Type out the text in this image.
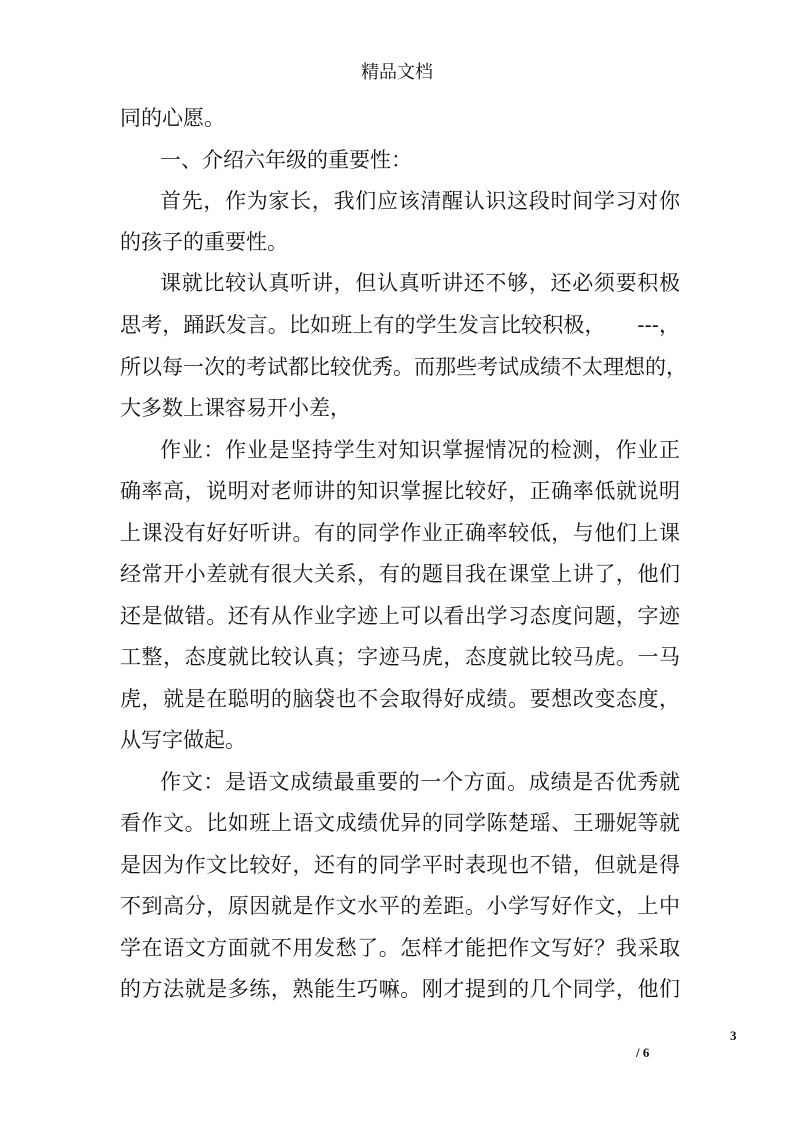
精品文档
同的心愿。
一、介绍六年级的重要性：
首先，作为家长，我们应该清醒认识这段时间学习对你
的孩子的重要性。
课就比较认真听讲，但认真听讲还不够，还必须要积极
思考，踊跃发言。比如班上有的学生发言比较积极，　　---，
所以每一次的考试都比较优秀。而那些考试成绩不太理想的，
大多数上课容易开小差，
作业：作业是坚持学生对知识掌握情况的检测，作业正
确率高，说明对老师讲的知识掌握比较好，正确率低就说明
上课没有好好听讲。有的同学作业正确率较低，与他们上课
经常开小差就有很大关系，有的题目我在课堂上讲了，他们
还是做错。还有从作业字迹上可以看出学习态度问题，字迹
工整，态度就比较认真；字迹马虎，态度就比较马虎。一马
虎，就是在聪明的脑袋也不会取得好成绩。要想改变态度，
从写字做起。
作文：是语文成绩最重要的一个方面。成绩是否优秀就
看作文。比如班上语文成绩优异的同学陈楚瑶、王珊妮等就
是因为作文比较好，还有的同学平时表现也不错，但就是得
不到高分，原因就是作文水平的差距。小学写好作文，上中
学在语文方面就不用发愁了。怎样才能把作文写好？我采取
的方法就是多练，熟能生巧嘛。刚才提到的几个同学，他们
3
/ 6
